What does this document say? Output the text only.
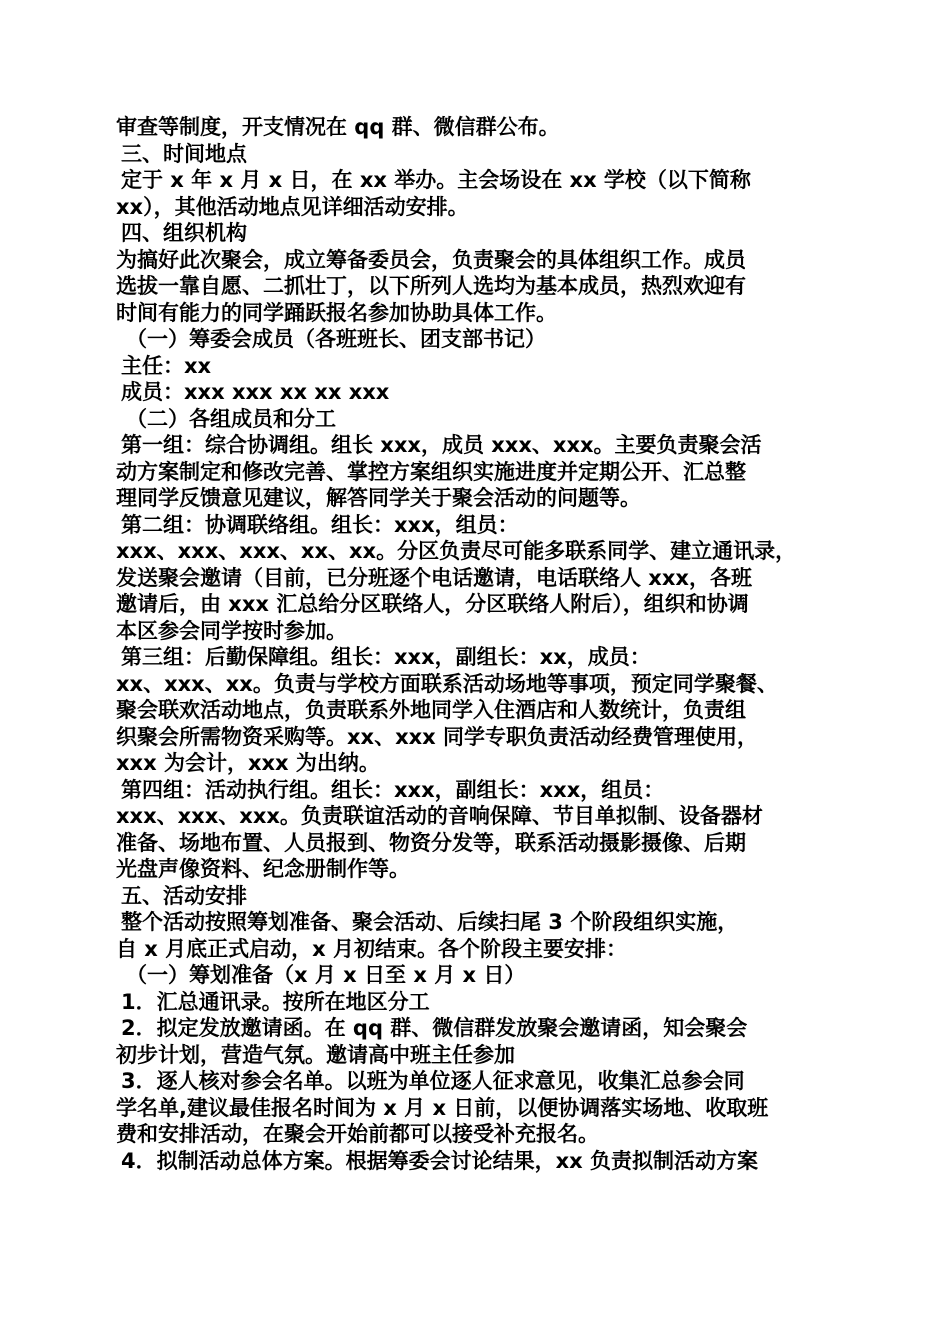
审查等制度，开支情况在 qq 群、微信群公布。

三、时间地点

定于 x 年 x 月 x 日，在 xx 举办。主会场设在 xx 学校（以下简称

xx），其他活动地点见详细活动安排。

四、组织机构

为搞好此次聚会，成立筹备委员会，负责聚会的具体组织工作。成员

选拔一靠自愿、二抓壮丁，以下所列人选均为基本成员，热烈欢迎有

时间有能力的同学踊跃报名参加协助具体工作。

（一）筹委会成员（各班班长、团支部书记）

主任：xx

成员：xxx xxx xx xx xxx

（二）各组成员和分工

第一组：综合协调组。组长 xxx，成员 xxx、xxx。主要负责聚会活

动方案制定和修改完善、掌控方案组织实施进度并定期公开、汇总整

理同学反馈意见建议，解答同学关于聚会活动的问题等。

第二组：协调联络组。组长：xxx，组员：

xxx、xxx、xxx、xx、xx。分区负责尽可能多联系同学、建立通讯录，

发送聚会邀请（目前，已分班逐个电话邀请，电话联络人 xxx，各班

邀请后，由 xxx 汇总给分区联络人，分区联络人附后），组织和协调

本区参会同学按时参加。

第三组：后勤保障组。组长：xxx，副组长：xx，成员：

xx、xxx、xx。负责与学校方面联系活动场地等事项，预定同学聚餐、

聚会联欢活动地点，负责联系外地同学入住酒店和人数统计，负责组

织聚会所需物资采购等。xx、xxx 同学专职负责活动经费管理使用，

xxx 为会计，xxx 为出纳。

第四组：活动执行组。组长：xxx，副组长：xxx，组员：

xxx、xxx、xxx。负责联谊活动的音响保障、节目单拟制、设备器材

准备、场地布置、人员报到、物资分发等，联系活动摄影摄像、后期

光盘声像资料、纪念册制作等。

五、活动安排

整个活动按照筹划准备、聚会活动、后续扫尾 3 个阶段组织实施，

自 x 月底正式启动，x 月初结束。各个阶段主要安排：

（一）筹划准备（x 月 x 日至 x 月 x 日）

1．汇总通讯录。按所在地区分工

2．拟定发放邀请函。在 qq 群、微信群发放聚会邀请函，知会聚会

初步计划，营造气氛。邀请高中班主任参加

3．逐人核对参会名单。以班为单位逐人征求意见，收集汇总参会同

学名单,建议最佳报名时间为 x 月 x 日前，以便协调落实场地、收取班

费和安排活动，在聚会开始前都可以接受补充报名。

4．拟制活动总体方案。根据筹委会讨论结果，xx 负责拟制活动方案
